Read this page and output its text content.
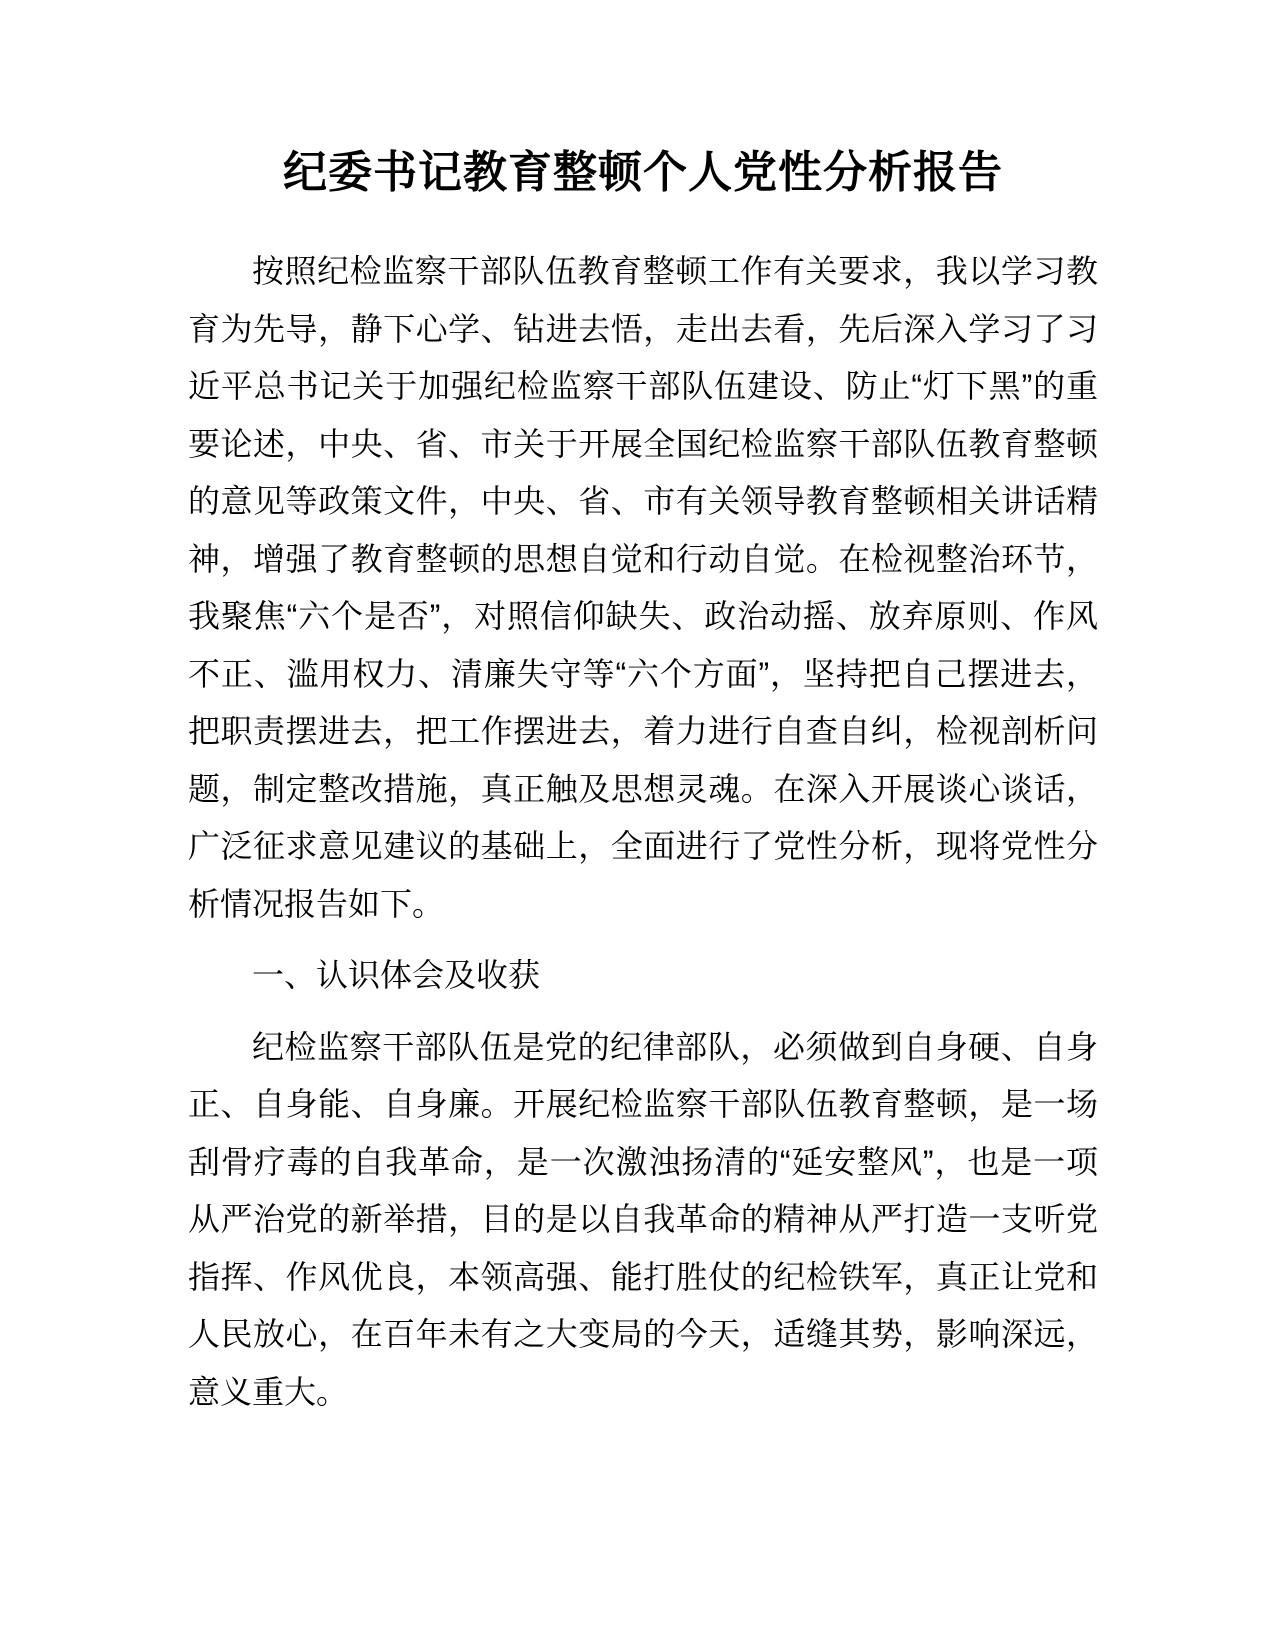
纪委书记教育整顿个人党性分析报告

按照纪检监察干部队伍教育整顿工作有关要求，我以学习教育为先导，静下心学、钻进去悟，走出去看，先后深入学习了习近平总书记关于加强纪检监察干部队伍建设、防止“灯下黑”的重要论述，中央、省、市关于开展全国纪检监察干部队伍教育整顿的意见等政策文件，中央、省、市有关领导教育整顿相关讲话精神，增强了教育整顿的思想自觉和行动自觉。在检视整治环节，我聚焦“六个是否”，对照信仰缺失、政治动摇、放弃原则、作风不正、滥用权力、清廉失守等“六个方面”，坚持把自己摆进去，把职责摆进去，把工作摆进去，着力进行自查自纠，检视剖析问题，制定整改措施，真正触及思想灵魂。在深入开展谈心谈话，广泛征求意见建议的基础上，全面进行了党性分析，现将党性分析情况报告如下。

一、认识体会及收获

纪检监察干部队伍是党的纪律部队，必须做到自身硬、自身正、自身能、自身廉。开展纪检监察干部队伍教育整顿，是一场刮骨疗毒的自我革命，是一次激浊扬清的“延安整风”，也是一项从严治党的新举措，目的是以自我革命的精神从严打造一支听党指挥、作风优良，本领高强、能打胜仗的纪检铁军，真正让党和人民放心，在百年未有之大变局的今天，适缝其势，影响深远，意义重大。
